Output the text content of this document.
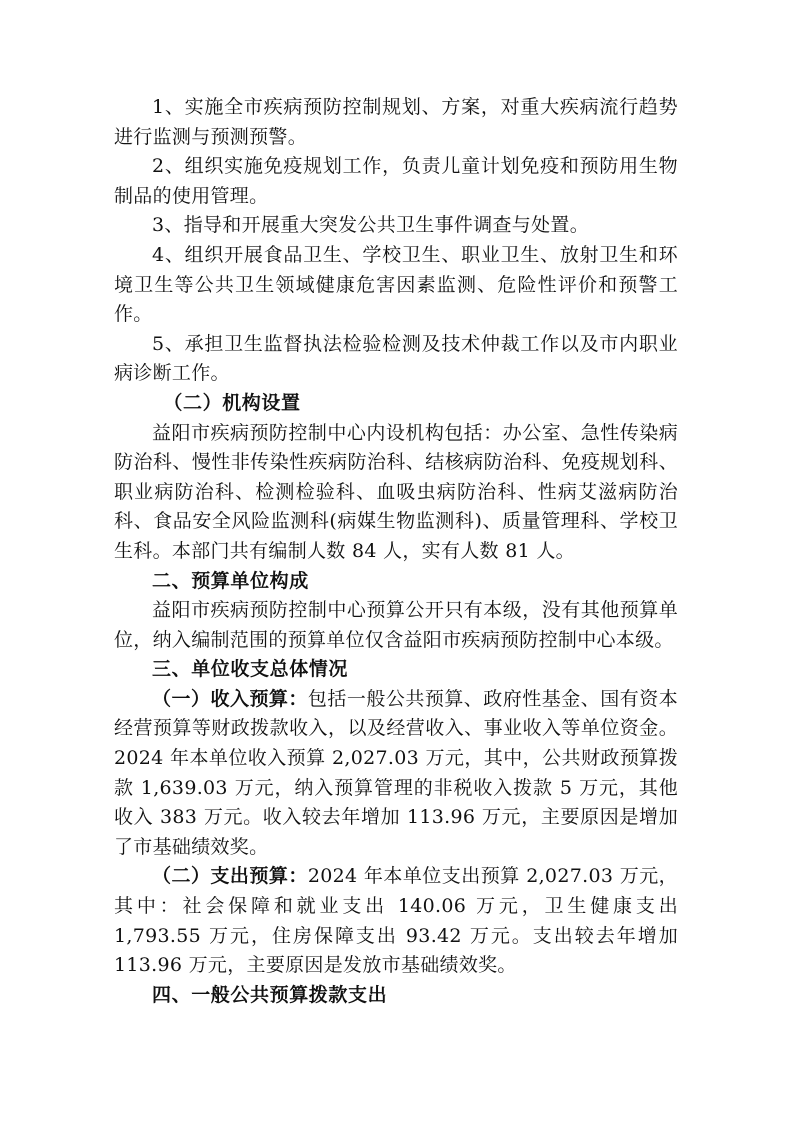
1、实施全市疾病预防控制规划、方案，对重大疾病流行趋势进行监测与预测预警。

2、组织实施免疫规划工作，负责儿童计划免疫和预防用生物制品的使用管理。

3、指导和开展重大突发公共卫生事件调查与处置。

4、组织开展食品卫生、学校卫生、职业卫生、放射卫生和环境卫生等公共卫生领域健康危害因素监测、危险性评价和预警工作。

5、承担卫生监督执法检验检测及技术仲裁工作以及市内职业病诊断工作。

（二）机构设置

益阳市疾病预防控制中心内设机构包括：办公室、急性传染病防治科、慢性非传染性疾病防治科、结核病防治科、免疫规划科、职业病防治科、检测检验科、血吸虫病防治科、性病艾滋病防治科、食品安全风险监测科(病媒生物监测科)、质量管理科、学校卫生科。本部门共有编制人数 84 人，实有人数 81 人。

二、预算单位构成

益阳市疾病预防控制中心预算公开只有本级，没有其他预算单位，纳入编制范围的预算单位仅含益阳市疾病预防控制中心本级。

三、单位收支总体情况

（一）收入预算：包括一般公共预算、政府性基金、国有资本经营预算等财政拨款收入，以及经营收入、事业收入等单位资金。2024 年本单位收入预算 2,027.03 万元，其中，公共财政预算拨款 1,639.03 万元，纳入预算管理的非税收入拨款 5 万元，其他收入 383 万元。收入较去年增加 113.96 万元，主要原因是增加了市基础绩效奖。

（二）支出预算：2024 年本单位支出预算 2,027.03 万元，其中：社会保障和就业支出 140.06 万元，卫生健康支出 1,793.55 万元，住房保障支出 93.42 万元。支出较去年增加 113.96 万元，主要原因是发放市基础绩效奖。

四、一般公共预算拨款支出
